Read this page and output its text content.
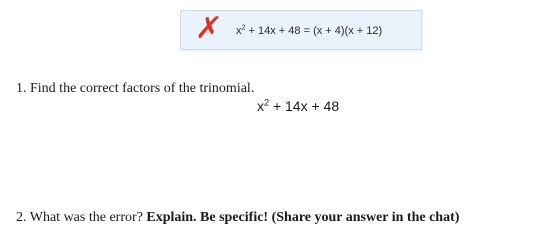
✗ $x^2 + 14x + 48 = (x + 4)(x + 12)$
1. Find the correct factors of the trinomial.
$x^2 + 14x + 48$
2. What was the error? Explain. Be specific! (Share your answer in the chat)
